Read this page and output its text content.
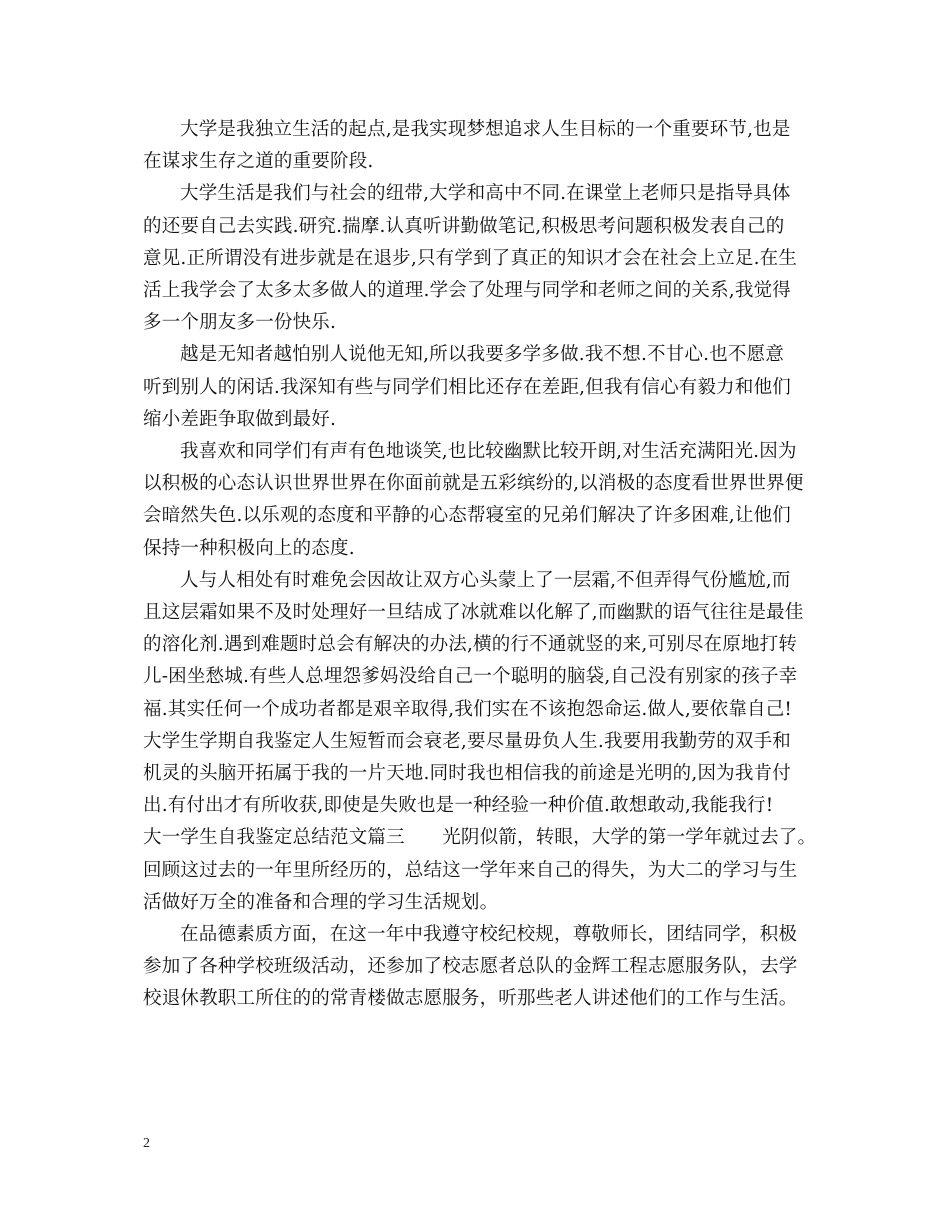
大学是我独立生活的起点,是我实现梦想追求人生目标的一个重要环节,也是
在谋求生存之道的重要阶段.

大学生活是我们与社会的纽带,大学和高中不同.在课堂上老师只是指导具体
的还要自己去实践.研究.揣摩.认真听讲勤做笔记,积极思考问题积极发表自己的
意见.正所谓没有进步就是在退步,只有学到了真正的知识才会在社会上立足.在生
活上我学会了太多太多做人的道理.学会了处理与同学和老师之间的关系,我觉得
多一个朋友多一份快乐.

越是无知者越怕别人说他无知,所以我要多学多做.我不想.不甘心.也不愿意
听到别人的闲话.我深知有些与同学们相比还存在差距,但我有信心有毅力和他们
缩小差距争取做到最好.

我喜欢和同学们有声有色地谈笑,也比较幽默比较开朗,对生活充满阳光.因为
以积极的心态认识世界世界在你面前就是五彩缤纷的,以消极的态度看世界世界便
会暗然失色.以乐观的态度和平静的心态帮寝室的兄弟们解决了许多困难,让他们
保持一种积极向上的态度.

人与人相处有时难免会因故让双方心头蒙上了一层霜,不但弄得气份尴尬,而
且这层霜如果不及时处理好一旦结成了冰就难以化解了,而幽默的语气往往是最佳
的溶化剂.遇到难题时总会有解决的办法,横的行不通就竖的来,可别尽在原地打转
儿-困坐愁城.有些人总埋怨爹妈没给自己一个聪明的脑袋,自己没有别家的孩子幸
福.其实任何一个成功者都是艰辛取得,我们实在不该抱怨命运.做人,要依靠自己!
大学生学期自我鉴定人生短暂而会衰老,要尽量毋负人生.我要用我勤劳的双手和
机灵的头脑开拓属于我的一片天地.同时我也相信我的前途是光明的,因为我肯付
出.有付出才有所收获,即使是失败也是一种经验一种价值.敢想敢动,我能我行!
大一学生自我鉴定总结范文篇三　　光阴似箭，转眼，大学的第一学年就过去了。
回顾这过去的一年里所经历的，总结这一学年来自己的得失，为大二的学习与生
活做好万全的准备和合理的学习生活规划。

在品德素质方面，在这一年中我遵守校纪校规，尊敬师长，团结同学，积极
参加了各种学校班级活动，还参加了校志愿者总队的金辉工程志愿服务队，去学
校退休教职工所住的的常青楼做志愿服务，听那些老人讲述他们的工作与生活。

2
